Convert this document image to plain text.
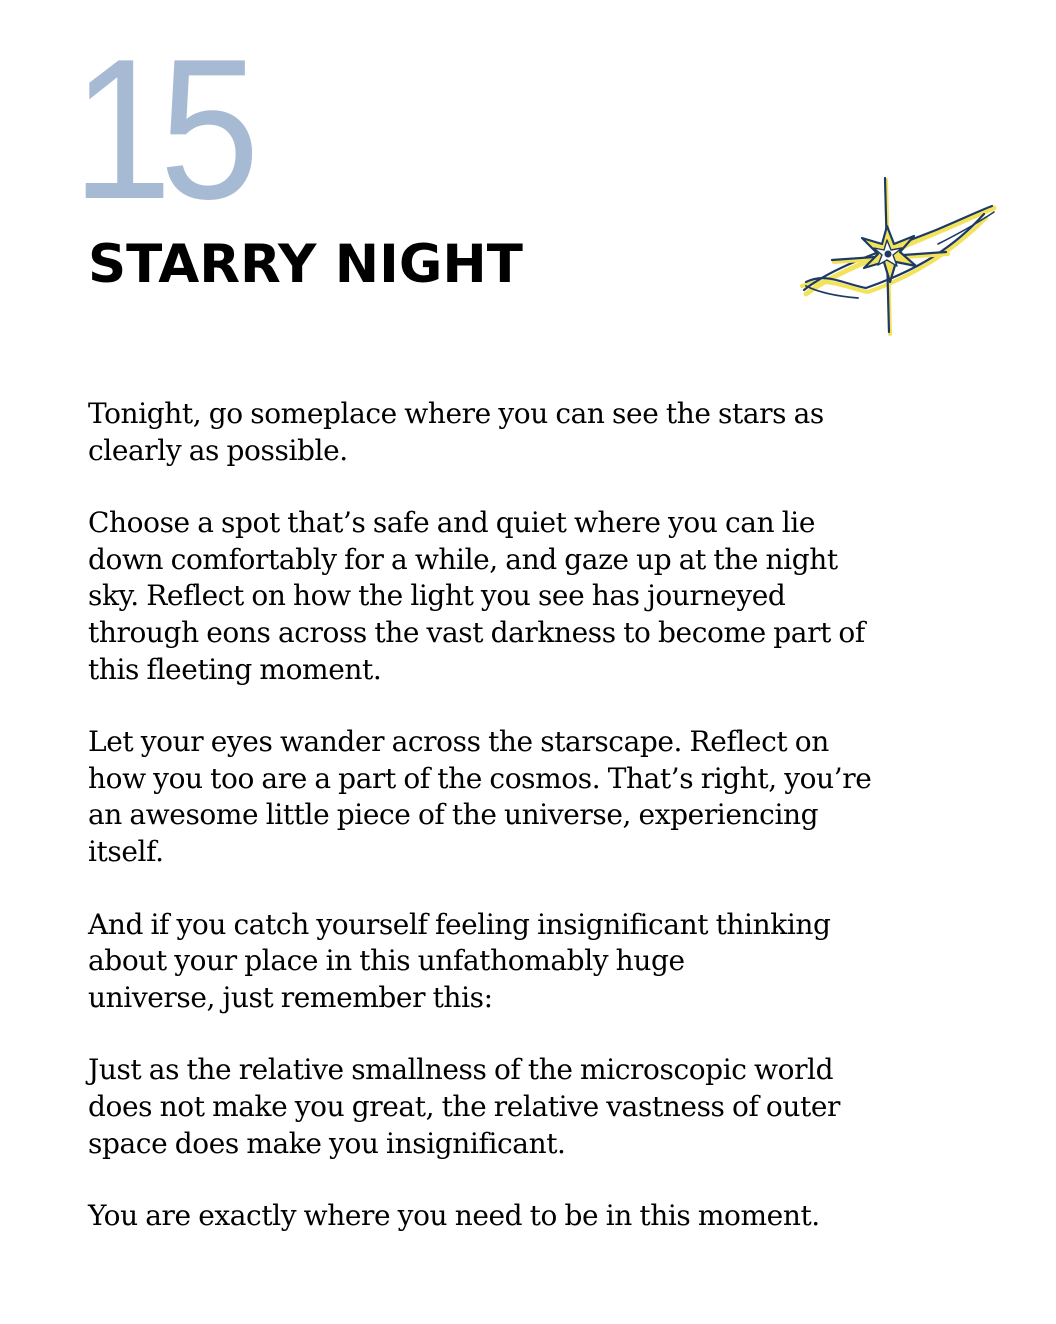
15
STARRY NIGHT

Tonight, go someplace where you can see the stars as
clearly as possible.

Choose a spot that’s safe and quiet where you can lie
down comfortably for a while, and gaze up at the night
sky. Reflect on how the light you see has journeyed
through eons across the vast darkness to become part of
this fleeting moment.

Let your eyes wander across the starscape. Reflect on
how you too are a part of the cosmos. That’s right, you’re
an awesome little piece of the universe, experiencing
itself.

And if you catch yourself feeling insignificant thinking
about your place in this unfathomably huge
universe, just remember this:

Just as the relative smallness of the microscopic world
does not make you great, the relative vastness of outer
space does make you insignificant.

You are exactly where you need to be in this moment.
